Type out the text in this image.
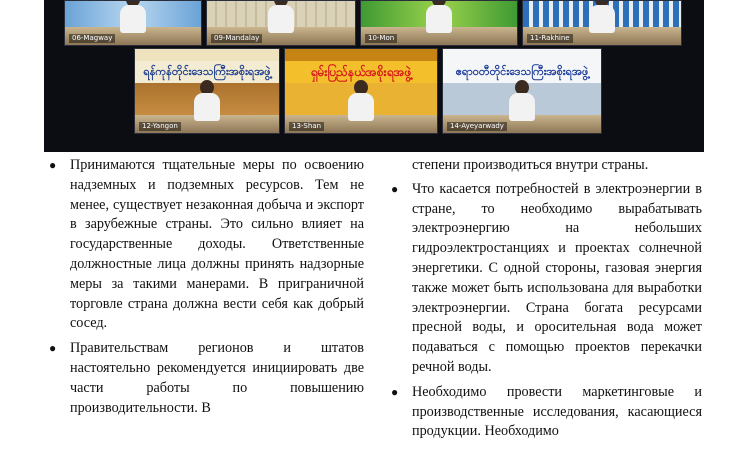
06-Magway	09-Mandalay	10-Mon	11-Rakhine
ရန်ကုန်တိုင်းဒေသကြီးအစိုးရအဖွဲ့
12-Yangon
ရှမ်းပြည်နယ်အစိုးရအဖွဲ့
13-Shan
ဧရာဝတီတိုင်းဒေသကြီးအစိုးရအဖွဲ့
14-Ayeyarwady
● Принимаются тщательные меры по освоению надземных и подземных ресурсов. Тем не менее, существует незаконная добыча и экспорт в зарубежные страны. Это сильно влияет на государственные доходы. Ответственные должностные лица должны принять надзорные меры за такими манерами. В приграничной торговле страна должна вести себя как добрый сосед.
● Правительствам регионов и штатов настоятельно рекомендуется инициировать две части работы по повышению производительности. В
степени производиться внутри страны.
● Что касается потребностей в электроэнергии в стране, то необходимо вырабатывать электроэнергию на небольших гидроэлектростанциях и проектах солнечной энергетики. С одной стороны, газовая энергия также может быть использована для выработки электроэнергии. Страна богата ресурсами пресной воды, и оросительная вода может подаваться с помощью проектов перекачки речной воды.
● Необходимо провести маркетинговые и производственные исследования, касающиеся продукции. Необходимо
